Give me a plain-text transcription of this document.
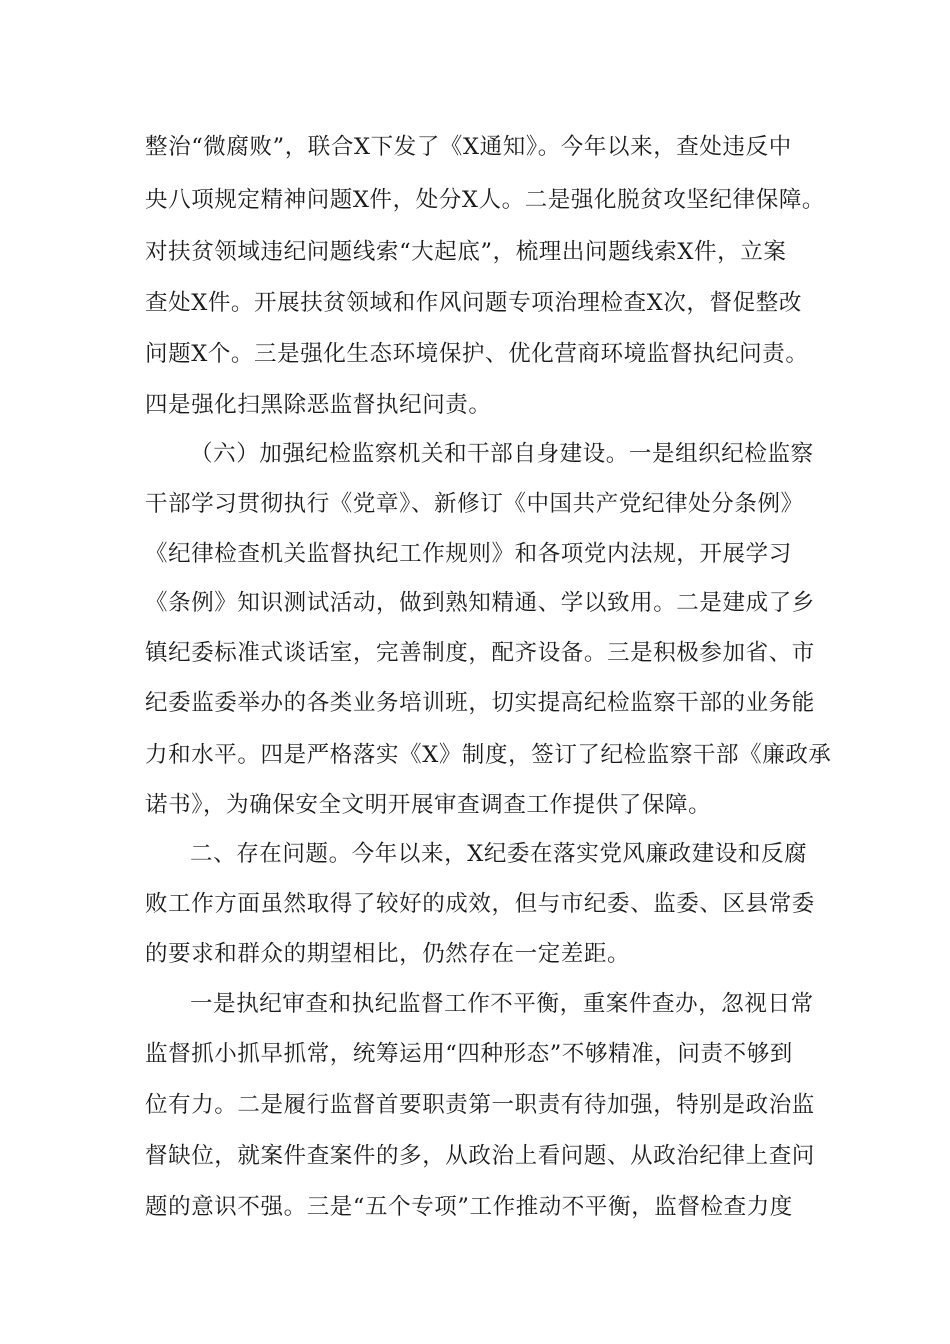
整治“微腐败”，联合X下发了《X通知》。今年以来，查处违反中
央八项规定精神问题X件，处分X人。二是强化脱贫攻坚纪律保障。
对扶贫领域违纪问题线索“大起底”，梳理出问题线索X件，立案
查处X件。开展扶贫领域和作风问题专项治理检查X次，督促整改
问题X个。三是强化生态环境保护、优化营商环境监督执纪问责。
四是强化扫黑除恶监督执纪问责。
（六）加强纪检监察机关和干部自身建设。一是组织纪检监察
干部学习贯彻执行《党章》、新修订《中国共产党纪律处分条例》
《纪律检查机关监督执纪工作规则》和各项党内法规，开展学习
《条例》知识测试活动，做到熟知精通、学以致用。二是建成了乡
镇纪委标准式谈话室，完善制度，配齐设备。三是积极参加省、市
纪委监委举办的各类业务培训班，切实提高纪检监察干部的业务能
力和水平。四是严格落实《X》制度，签订了纪检监察干部《廉政承
诺书》，为确保安全文明开展审查调查工作提供了保障。
二、存在问题。今年以来，X纪委在落实党风廉政建设和反腐
败工作方面虽然取得了较好的成效，但与市纪委、监委、区县常委
的要求和群众的期望相比，仍然存在一定差距。
一是执纪审查和执纪监督工作不平衡，重案件查办，忽视日常
监督抓小抓早抓常，统筹运用“四种形态”不够精准，问责不够到
位有力。二是履行监督首要职责第一职责有待加强，特别是政治监
督缺位，就案件查案件的多，从政治上看问题、从政治纪律上查问
题的意识不强。三是“五个专项”工作推动不平衡，监督检查力度
